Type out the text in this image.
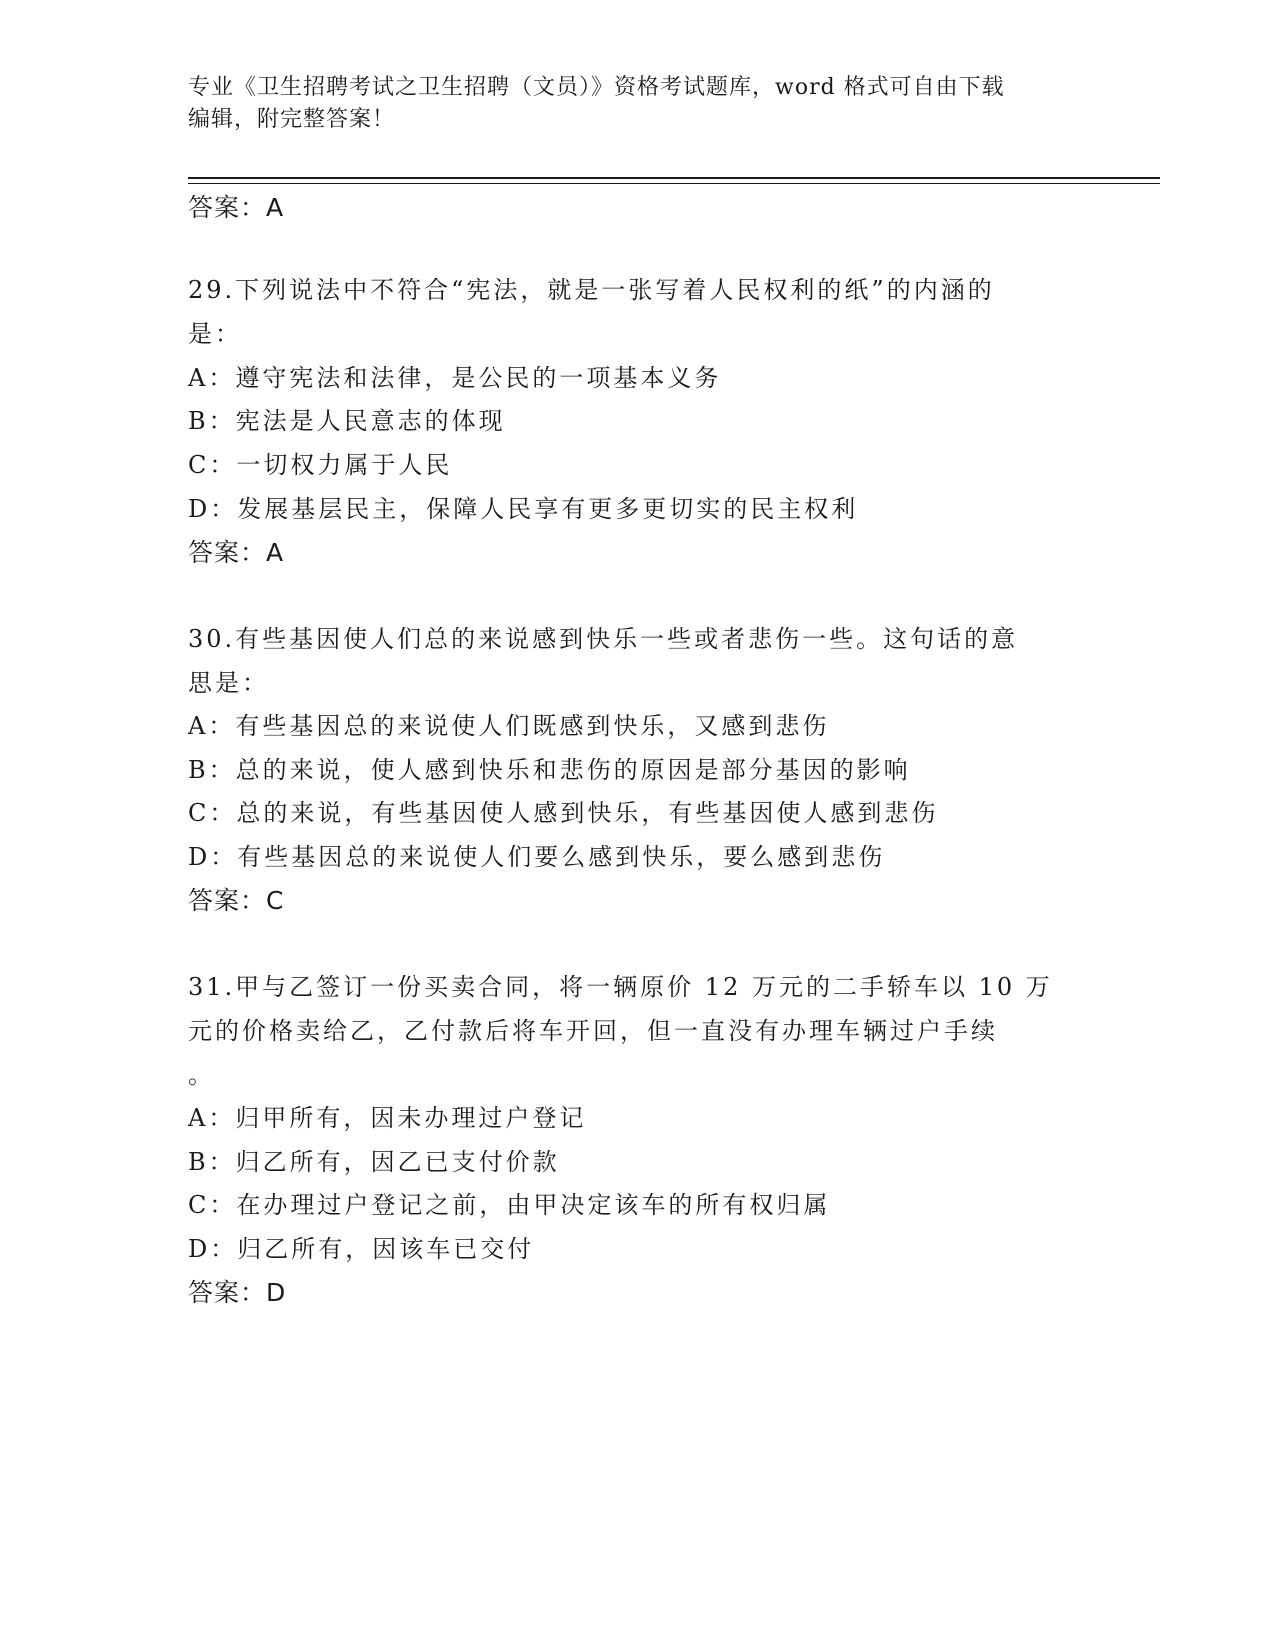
专业《卫生招聘考试之卫生招聘（文员）》资格考试题库，word 格式可自由下载
编辑，附完整答案！
答案：A
29.下列说法中不符合“宪法，就是一张写着人民权利的纸”的内涵的
是：
A：遵守宪法和法律，是公民的一项基本义务
B：宪法是人民意志的体现
C：一切权力属于人民
D：发展基层民主，保障人民享有更多更切实的民主权利
答案：A
30.有些基因使人们总的来说感到快乐一些或者悲伤一些。这句话的意
思是：
A：有些基因总的来说使人们既感到快乐，又感到悲伤
B：总的来说，使人感到快乐和悲伤的原因是部分基因的影响
C：总的来说，有些基因使人感到快乐，有些基因使人感到悲伤
D：有些基因总的来说使人们要么感到快乐，要么感到悲伤
答案：C
31.甲与乙签订一份买卖合同，将一辆原价 12 万元的二手轿车以 10 万
元的价格卖给乙，乙付款后将车开回，但一直没有办理车辆过户手续
。
A：归甲所有，因未办理过户登记
B：归乙所有，因乙已支付价款
C：在办理过户登记之前，由甲决定该车的所有权归属
D：归乙所有，因该车已交付
答案：D
